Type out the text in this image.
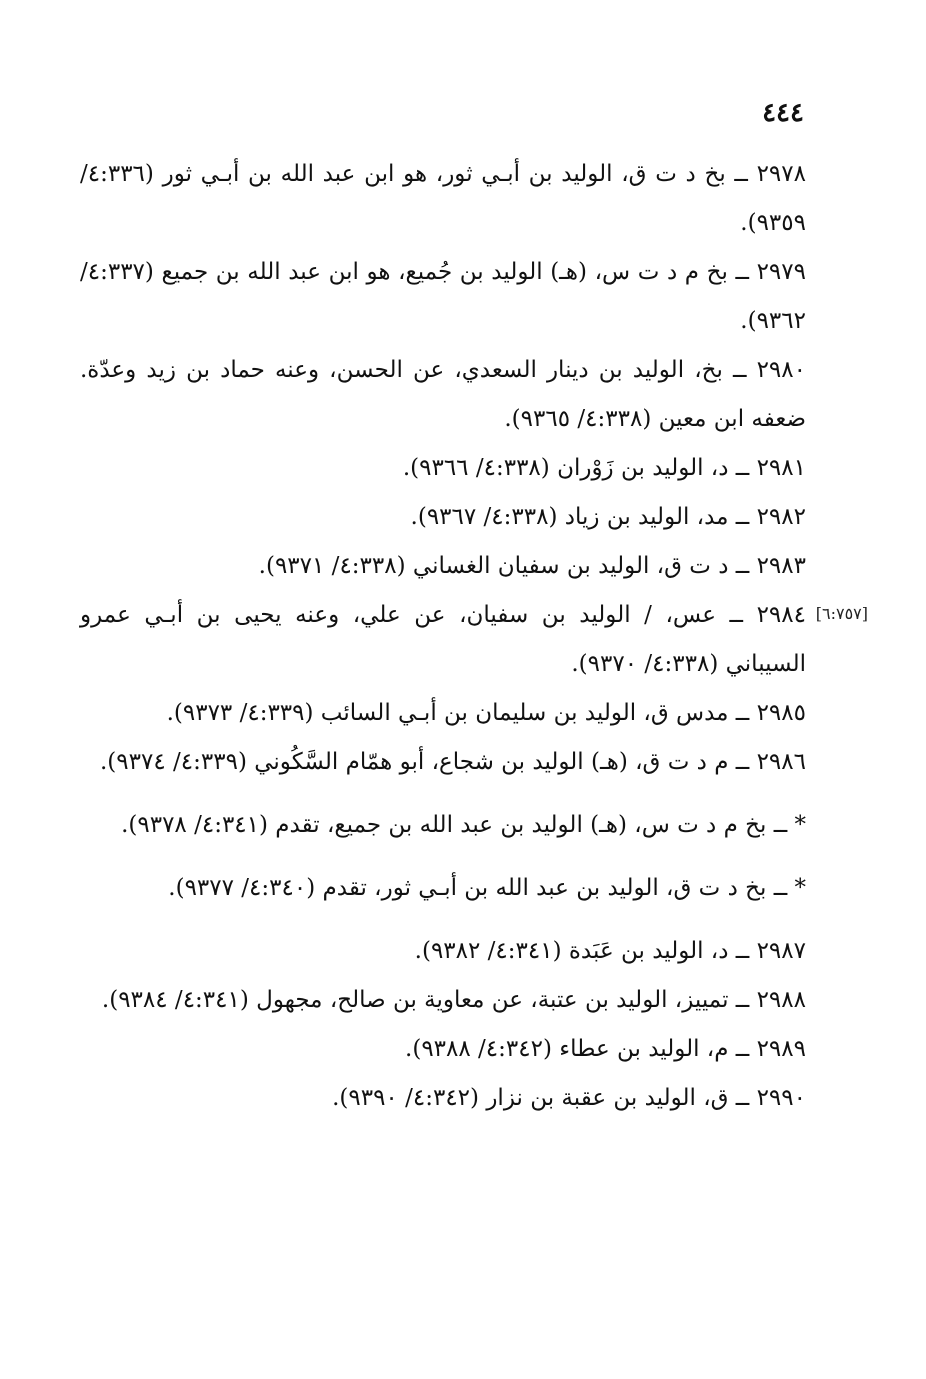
٤٤٤
[٦:٧٥٧]

٢٩٧٨ ــ بخ د ت ق، الوليد بن أبـي ثور، هو ابن عبد الله بن أبـي ثور (٤:٣٣٦/ ٩٣٥٩).

٢٩٧٩ ــ بخ م د ت س، (هـ) الوليد بن جُميع، هو ابن عبد الله بن جميع (٤:٣٣٧/ ٩٣٦٢).

٢٩٨٠ ــ بخ، الوليد بن دينار السعدي، عن الحسن، وعنه حماد بن زيد وعدّة. ضعفه ابن معين (٤:٣٣٨/ ٩٣٦٥).

٢٩٨١ ــ د، الوليد بن زَوْران (٤:٣٣٨/ ٩٣٦٦).

٢٩٨٢ ــ مد، الوليد بن زياد (٤:٣٣٨/ ٩٣٦٧).

٢٩٨٣ ــ د ت ق، الوليد بن سفيان الغساني (٤:٣٣٨/ ٩٣٧١).

٢٩٨٤ ــ عس، / الوليد بن سفيان، عن علي، وعنه يحيى بن أبـي عمرو السيباني (٤:٣٣٨/ ٩٣٧٠).

٢٩٨٥ ــ مدس ق، الوليد بن سليمان بن أبـي السائب (٤:٣٣٩/ ٩٣٧٣).

٢٩٨٦ ــ م د ت ق، (هـ) الوليد بن شجاع، أبو همّام السَّكُوني (٤:٣٣٩/ ٩٣٧٤).

* ــ بخ م د ت س، (هـ) الوليد بن عبد الله بن جميع، تقدم (٤:٣٤١/ ٩٣٧٨).

* ــ بخ د ت ق، الوليد بن عبد الله بن أبـي ثور، تقدم (٤:٣٤٠/ ٩٣٧٧).

٢٩٨٧ ــ د، الوليد بن عَبَدة (٤:٣٤١/ ٩٣٨٢).

٢٩٨٨ ــ تمييز، الوليد بن عتبة، عن معاوية بن صالح، مجهول (٤:٣٤١/ ٩٣٨٤).

٢٩٨٩ ــ م، الوليد بن عطاء (٤:٣٤٢/ ٩٣٨٨).

٢٩٩٠ ــ ق، الوليد بن عقبة بن نزار (٤:٣٤٢/ ٩٣٩٠).
